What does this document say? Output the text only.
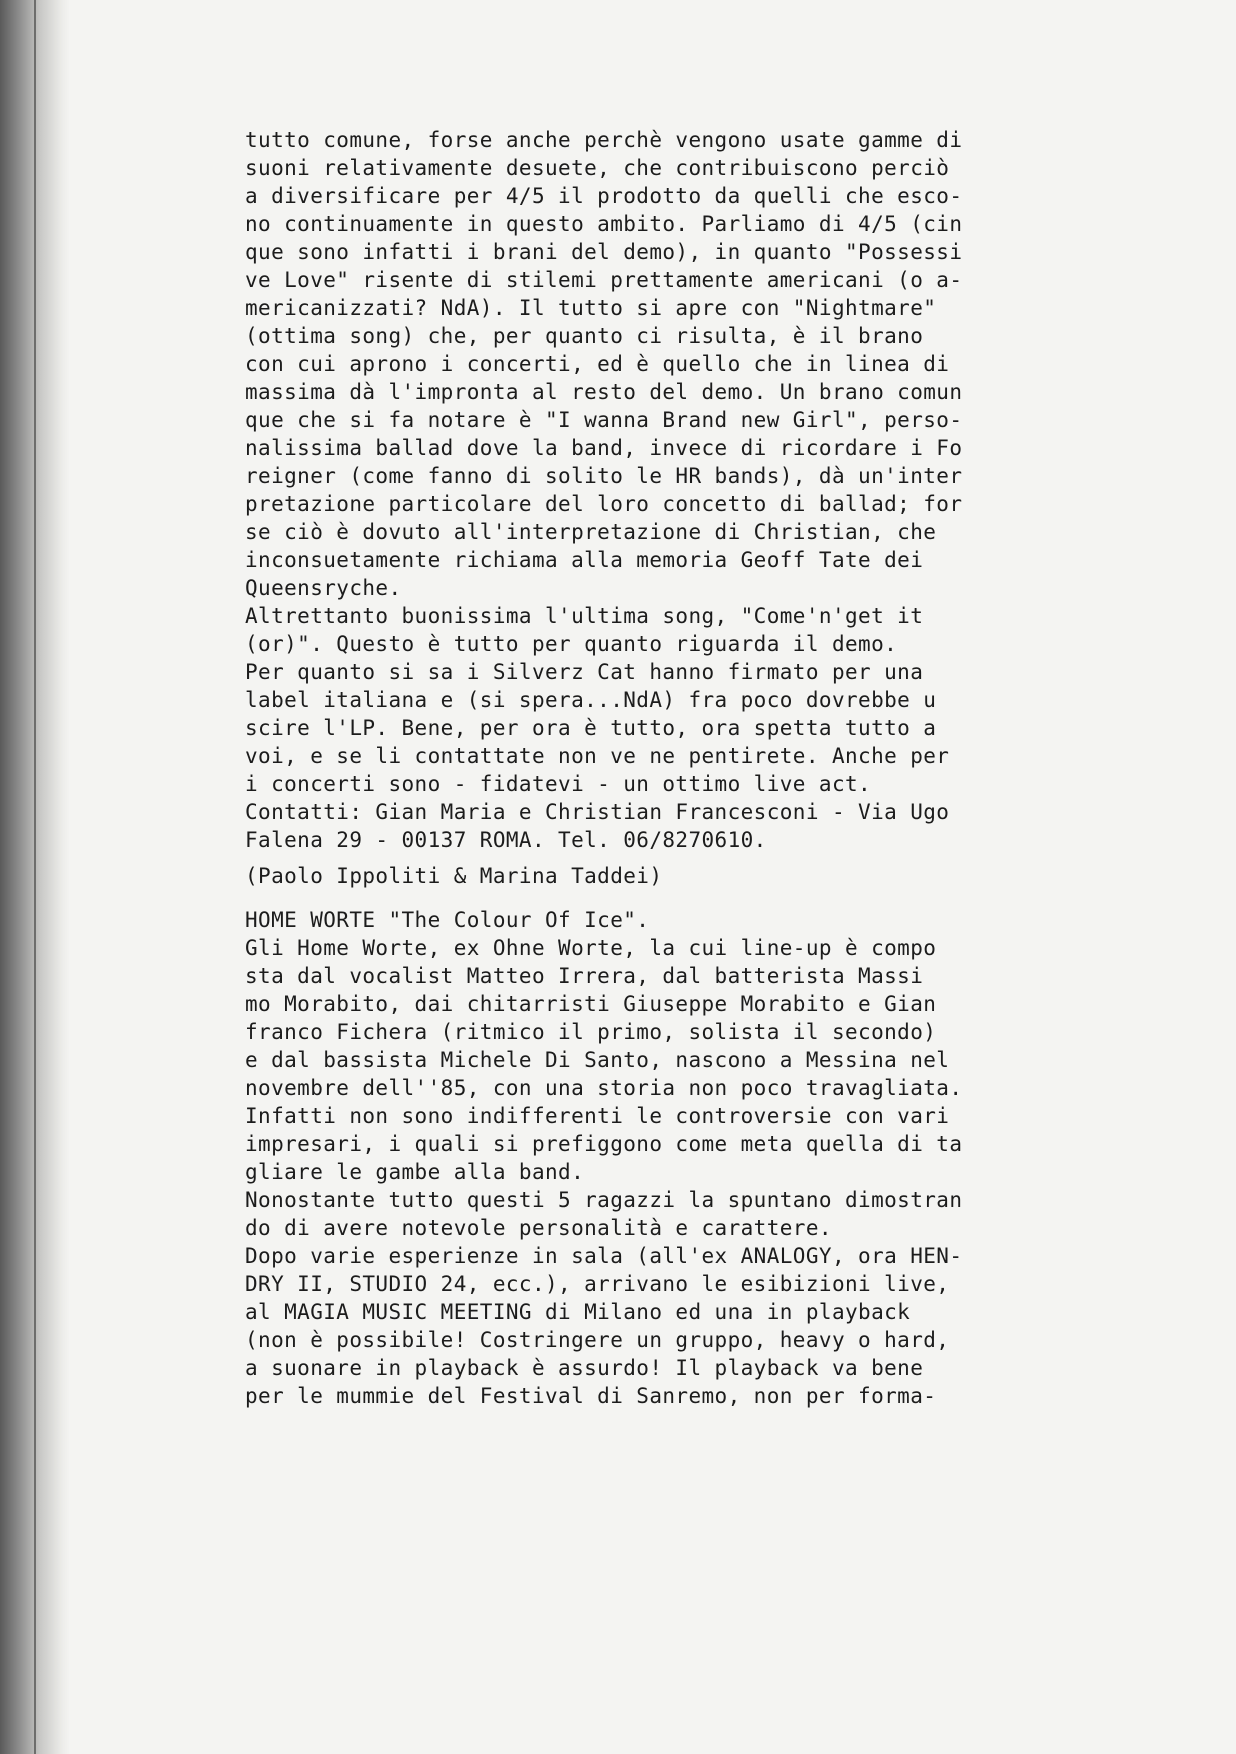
tutto comune, forse anche perchè vengono usate gamme di
suoni relativamente desuete, che contribuiscono perciò
a diversificare per 4/5 il prodotto da quelli che esco-
no continuamente in questo ambito. Parliamo di 4/5 (cin
que sono infatti i brani del demo), in quanto "Possessi
ve Love" risente di stilemi prettamente americani (o a-
mericanizzati? NdA). Il tutto si apre con "Nightmare"
(ottima song) che, per quanto ci risulta, è il brano
con cui aprono i concerti, ed è quello che in linea di
massima dà l'impronta al resto del demo. Un brano comun
que che si fa notare è "I wanna Brand new Girl", perso-
nalissima ballad dove la band, invece di ricordare i Fo
reigner (come fanno di solito le HR bands), dà un'inter
pretazione particolare del loro concetto di ballad; for
se ciò è dovuto all'interpretazione di Christian, che
inconsuetamente richiama alla memoria Geoff Tate dei
Queensryche.
Altrettanto buonissima l'ultima song, "Come'n'get it
(or)". Questo è tutto per quanto riguarda il demo.
Per quanto si sa i Silverz Cat hanno firmato per una
label italiana e (si spera...NdA) fra poco dovrebbe u
scire l'LP. Bene, per ora è tutto, ora spetta tutto a
voi, e se li contattate non ve ne pentirete. Anche per
i concerti sono - fidatevi - un ottimo live act.
Contatti: Gian Maria e Christian Francesconi - Via Ugo
Falena 29 - 00137 ROMA. Tel. 06/8270610.
(Paolo Ippoliti & Marina Taddei)
HOME WORTE "The Colour Of Ice".
Gli Home Worte, ex Ohne Worte, la cui line-up è compo
sta dal vocalist Matteo Irrera, dal batterista Massi
mo Morabito, dai chitarristi Giuseppe Morabito e Gian
franco Fichera (ritmico il primo, solista il secondo)
e dal bassista Michele Di Santo, nascono a Messina nel
novembre dell''85, con una storia non poco travagliata.
Infatti non sono indifferenti le controversie con vari
impresari, i quali si prefiggono come meta quella di ta
gliare le gambe alla band.
Nonostante tutto questi 5 ragazzi la spuntano dimostran
do di avere notevole personalità e carattere.
Dopo varie esperienze in sala (all'ex ANALOGY, ora HEN-
DRY II, STUDIO 24, ecc.), arrivano le esibizioni live,
al MAGIA MUSIC MEETING di Milano ed una in playback
(non è possibile! Costringere un gruppo, heavy o hard,
a suonare in playback è assurdo! Il playback va bene
per le mummie del Festival di Sanremo, non per forma-
